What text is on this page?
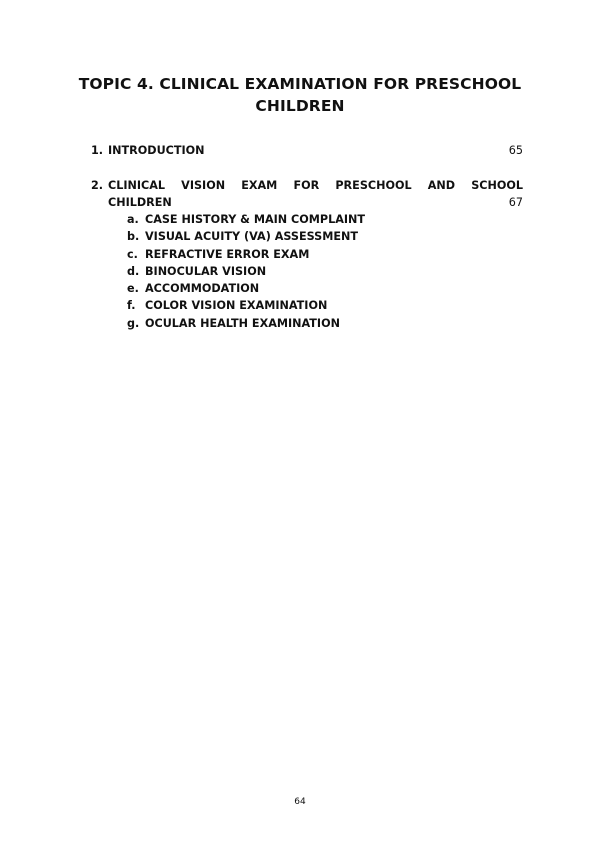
TOPIC 4. CLINICAL EXAMINATION FOR PRESCHOOL
CHILDREN
1. INTRODUCTION	65
2. CLINICAL VISION EXAM FOR PRESCHOOL AND SCHOOL
CHILDREN	67
a. CASE HISTORY & MAIN COMPLAINT
b. VISUAL ACUITY (VA) ASSESSMENT
c. REFRACTIVE ERROR EXAM
d. BINOCULAR VISION
e. ACCOMMODATION
f. COLOR VISION EXAMINATION
g. OCULAR HEALTH EXAMINATION
64
